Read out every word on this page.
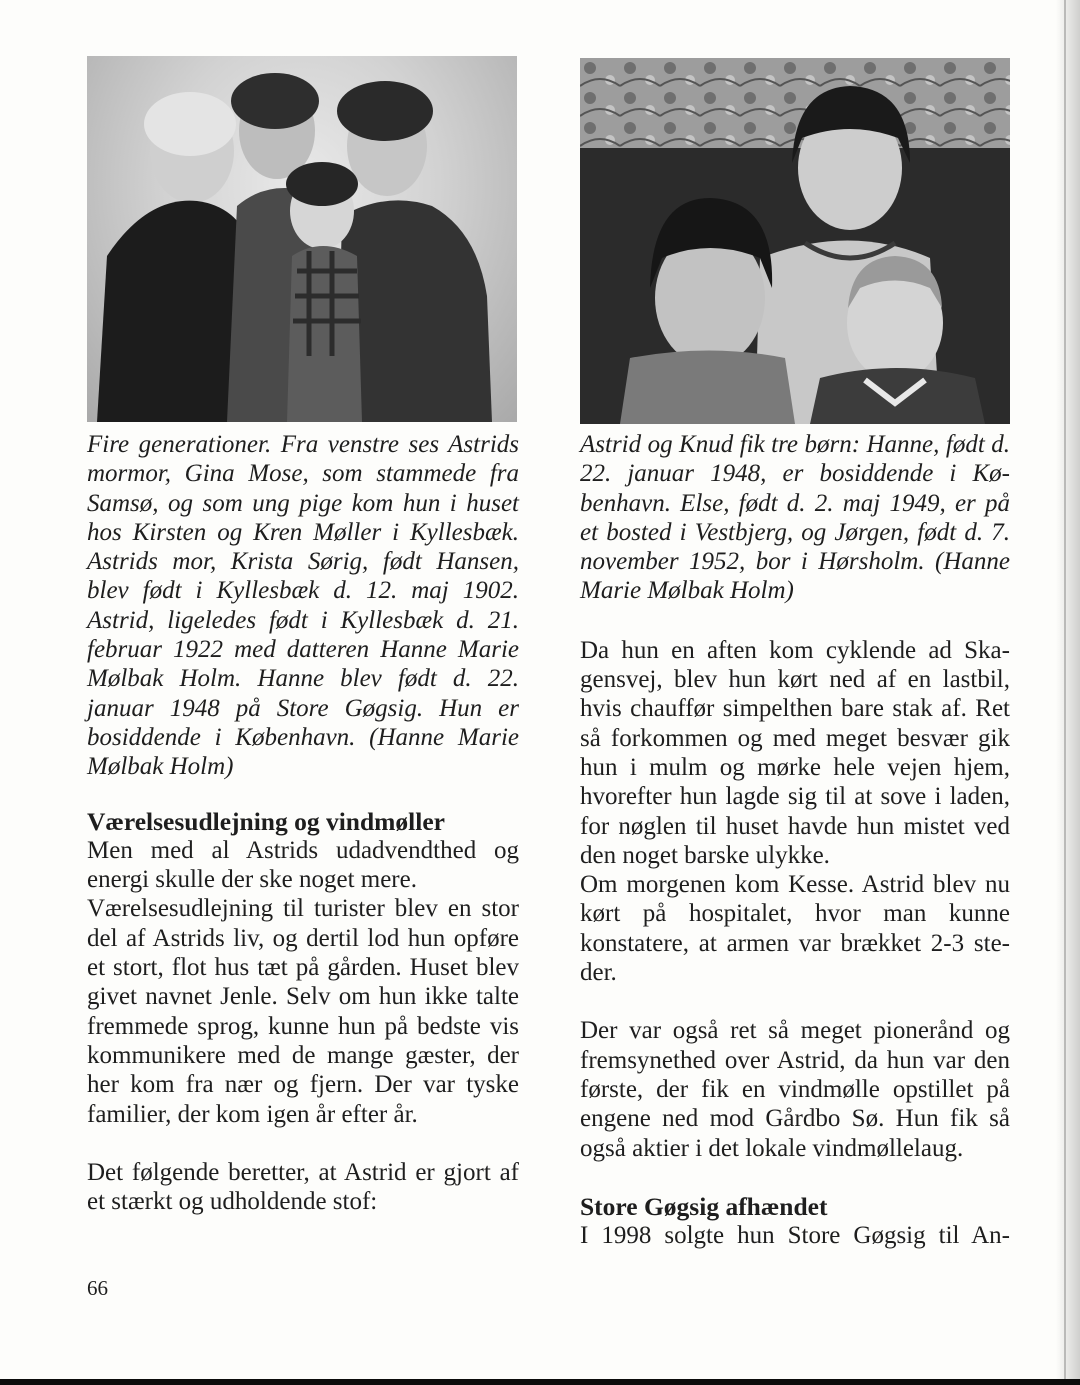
Fire generationer. Fra venstre ses Astrids mormor, Gina Mose, som stammede fra Samsø, og som ung pige kom hun i huset hos Kirsten og Kren Møller i Kyllesbæk. Astrids mor, Krista Sørig, født Hansen, blev født i Kyllesbæk d. 12. maj 1902. Astrid, ligeledes født i Kyllesbæk d. 21. februar 1922 med datteren Hanne Marie Mølbak Holm. Hanne blev født d. 22. januar 1948 på Store Gøgsig. Hun er bosiddende i København. (Hanne Marie Mølbak Holm)

Værelsesudlejning og vindmøller

Men med al Astrids udadvendthed og energi skulle der ske noget mere.

Værelsesudlejning til turister blev en stor del af Astrids liv, og dertil lod hun opføre et stort, flot hus tæt på gården. Huset blev givet navnet Jenle. Selv om hun ikke talte fremmede sprog, kunne hun på bedste vis kommunikere med de mange gæster, der her kom fra nær og fjern. Der var tyske familier, der kom igen år efter år.

Det følgende beretter, at Astrid er gjort af et stærkt og udholdende stof:

Astrid og Knud fik tre børn: Hanne, født d. 22. januar 1948, er bosiddende i København. Else, født d. 2. maj 1949, er på et bosted i Vestbjerg, og Jørgen, født d. 7. november 1952, bor i Hørsholm. (Hanne Marie Mølbak Holm)

Da hun en aften kom cyklende ad Skagensvej, blev hun kørt ned af en lastbil, hvis chauffør simpelthen bare stak af. Ret så forkommen og med meget besvær gik hun i mulm og mørke hele vejen hjem, hvorefter hun lagde sig til at sove i laden, for nøglen til huset havde hun mistet ved den noget barske ulykke.

Om morgenen kom Kesse. Astrid blev nu kørt på hospitalet, hvor man kunne konstatere, at armen var brækket 2-3 steder.

Der var også ret så meget pionerånd og fremsynethed over Astrid, da hun var den første, der fik en vindmølle opstillet på engene ned mod Gårdbo Sø. Hun fik så også aktier i det lokale vindmøllelaug.

Store Gøgsig afhændet

I 1998 solgte hun Store Gøgsig til An-

66
